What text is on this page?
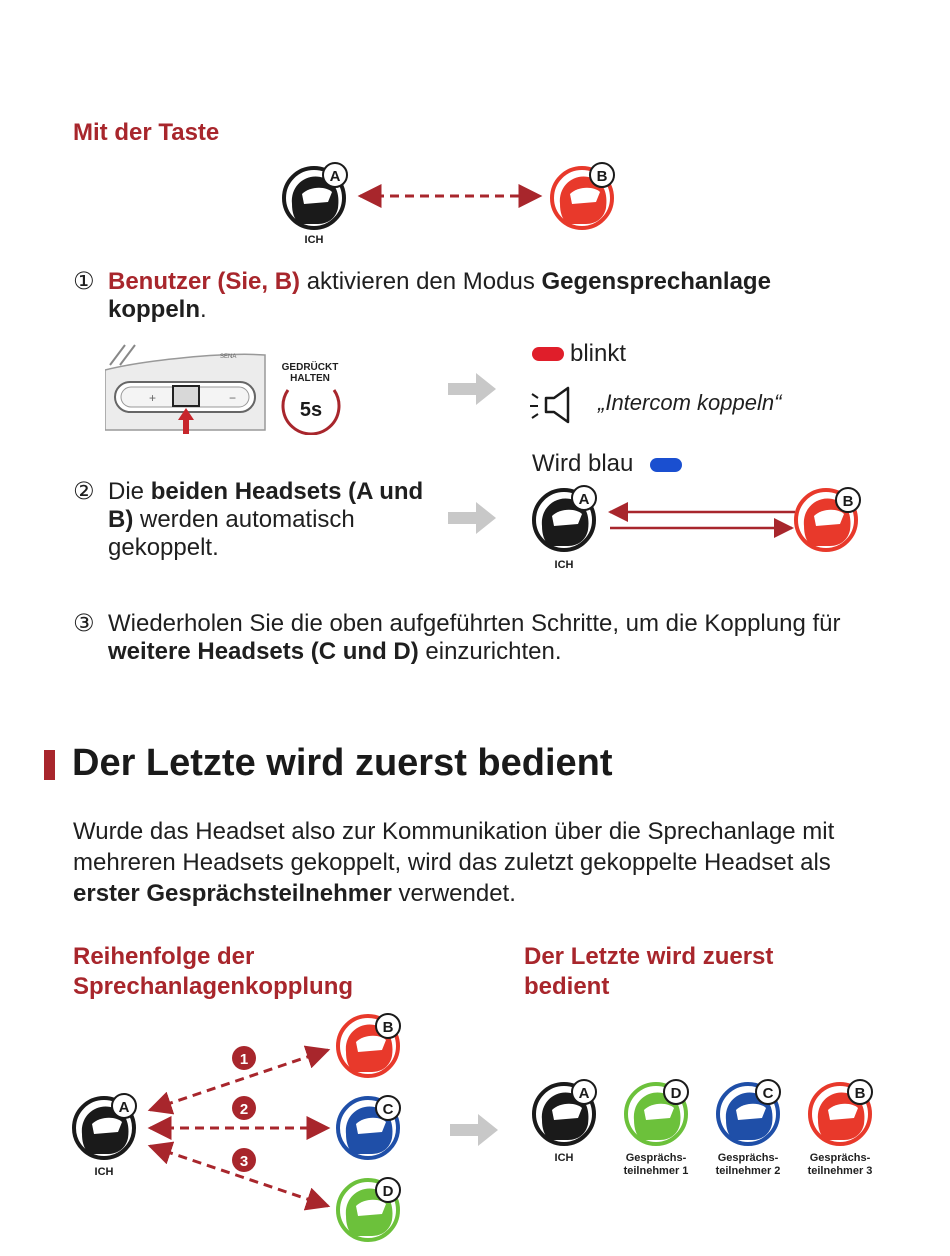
Mit der Taste
A
ICH
B
① Benutzer (Sie, B) aktivieren den Modus Gegensprechanlage koppeln.
+	−
SENA
GEDRÜCKT HALTEN
5s
blinkt
„Intercom koppeln“
Wird blau
② Die beiden Headsets (A und B) werden automatisch gekoppelt.
A
ICH
B
③ Wiederholen Sie die oben aufgeführten Schritte, um die Kopplung für weitere Headsets (C und D) einzurichten.
Der Letzte wird zuerst bedient
Wurde das Headset also zur Kommunikation über die Sprechanlage mit mehreren Headsets gekoppelt, wird das zuletzt gekoppelte Headset als erster Gesprächsteilnehmer verwendet.
Reihenfolge der Sprechanlagenkopplung
Der Letzte wird zuerst bedient
A
ICH
1
2
3
B
C
D
A	D	C	B
ICH	Gesprächs-teilnehmer 1
Gesprächs-teilnehmer 2
Gesprächs-teilnehmer 3
